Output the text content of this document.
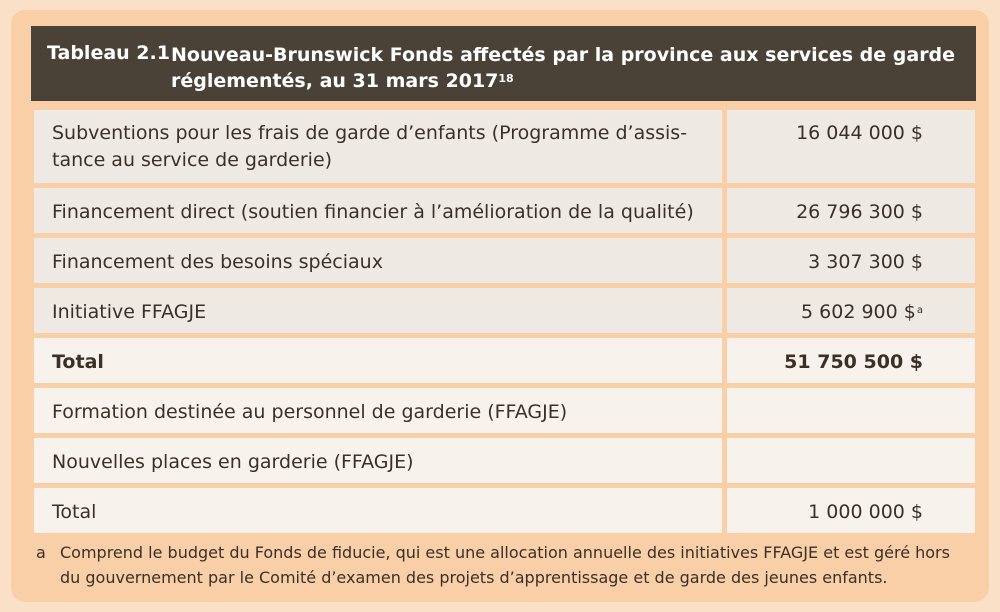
Tableau 2.1 Nouveau-Brunswick Fonds affectés par la province aux services de garde
réglementés, au 31 mars 2017$^{18}$
Subventions pour les frais de garde d’enfants (Programme d’assis-
tance au service de garderie)
16 044 000 $
Financement direct (soutien financier à l’amélioration de la qualité)	26 796 300 $
Financement des besoins spéciaux	3 307 300 $
Initiative FFAGJE	5 602 900 \$$^a$
Total	51 750 500 $
Formation destinée au personnel de garderie (FFAGJE)
Nouvelles places en garderie (FFAGJE)
Total	1 000 000 $
a Comprend le budget du Fonds de fiducie, qui est une allocation annuelle des initiatives FFAGJE et est géré hors du gouvernement par le Comité d’examen des projets d’apprentissage et de garde des jeunes enfants.
